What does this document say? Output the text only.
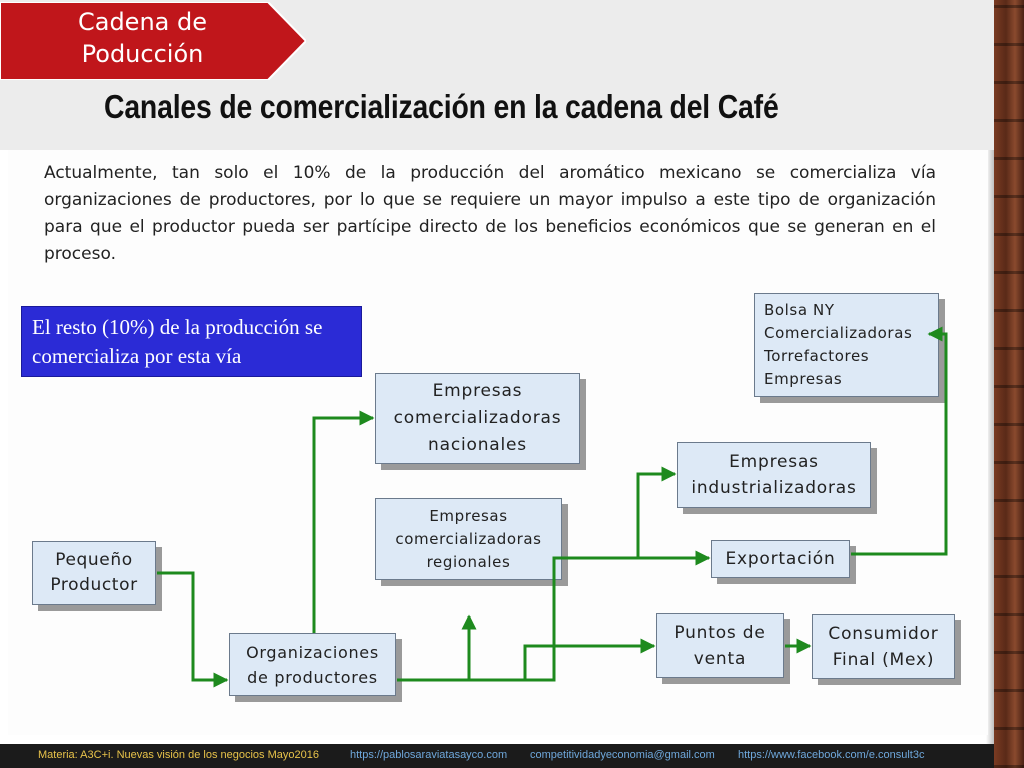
Cadena de
Poducción
Canales de comercialización en la cadena del Café
Actualmente, tan solo el 10% de la producción del aromático mexicano se comercializa vía organizaciones de productores, por lo que se requiere un mayor impulso a este tipo de organización para que el productor pueda ser partícipe directo de los beneficios económicos que se generan en el proceso.
El resto (10%) de la producción se comercializa por esta vía
Bolsa NY
Comercializadoras
Torrefactores
Empresas
Empresas
comercializadoras
nacionales
Empresas
industrializadoras
Empresas
comercializadoras
regionales
Pequeño
Productor
Exportación
Organizaciones
de productores
Puntos de
venta
Consumidor
Final (Mex)
Materia: A3C+i. Nuevas visión de los negocios Mayo2016	https://pablosaraviatasayco.com competitividadyeconomia@gmail.com https://www.facebook.com/e.consult3c
